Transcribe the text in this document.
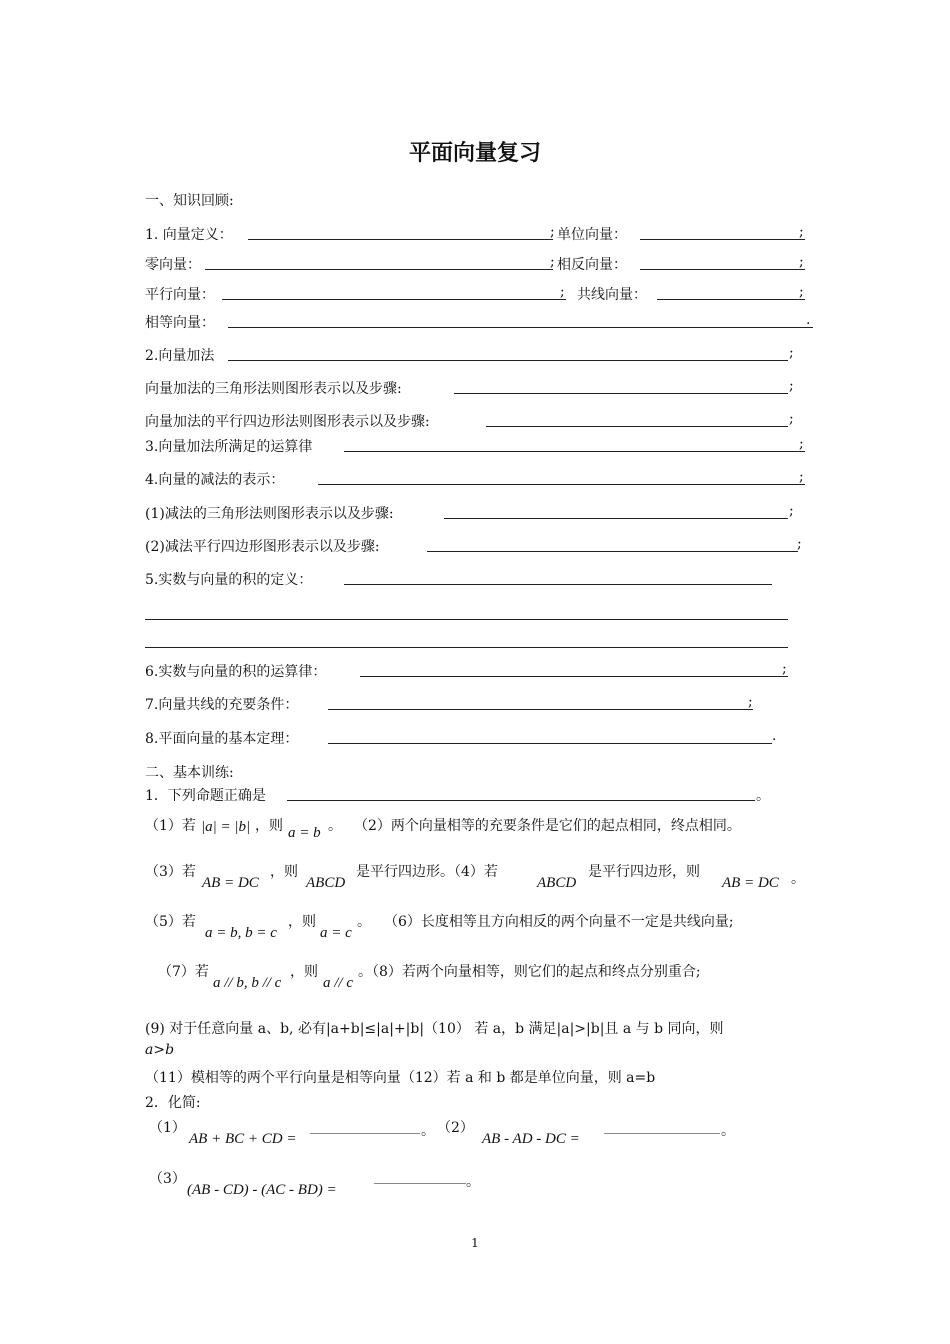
平面向量复习
一、知识回顾:
1. 向量定义：	; 单位向量：	;
零向量：	; 相反向量：	;
平行向量：	; 共线向量：	;
相等向量：	.
2.向量加法	;
向量加法的三角形法则图形表示以及步骤:	;
向量加法的平行四边形法则图形表示以及步骤:	;
3.向量加法所满足的运算律	;
4.向量的减法的表示：	;
(1)减法的三角形法则图形表示以及步骤:	;
(2)减法平行四边形图形表示以及步骤:	;
5.实数与向量的积的定义：
6.实数与向量的积的运算律：	;
7.向量共线的充要条件：	;
8.平面向量的基本定理：	.
二、基本训练:
1．下列命题正确是	。
（1）若 |a| = |b| ，则 a = b 。 （2）两个向量相等的充要条件是它们的起点相同，终点相同。
（3）若
AB = DC
，则
ABCD
是平行四边形。（4）若
ABCD
是平行四边形，则
AB = DC 。
（5）若
a = b, b = c
，则
a = c
。 （6）长度相等且方向相反的两个向量不一定是共线向量;
（7）若
a // b, b // c
，则
a // c
。（8）若两个向量相等，则它们的起点和终点分别重合;
(9) 对于任意向量 a、b, 必有|a+b|≤|a|+|b|（10） 若 a，b 满足|a|>|b|且 a 与 b 同向，则
a>b
（11）模相等的两个平行向量是相等向量（12）若 a 和 b 都是单位向量，则 a=b
2．化简:
（1）
AB + BC + CD =	。 （2）
AB - AD - DC =	。
（3）
(AB - CD) - (AC - BD) =	。
1
